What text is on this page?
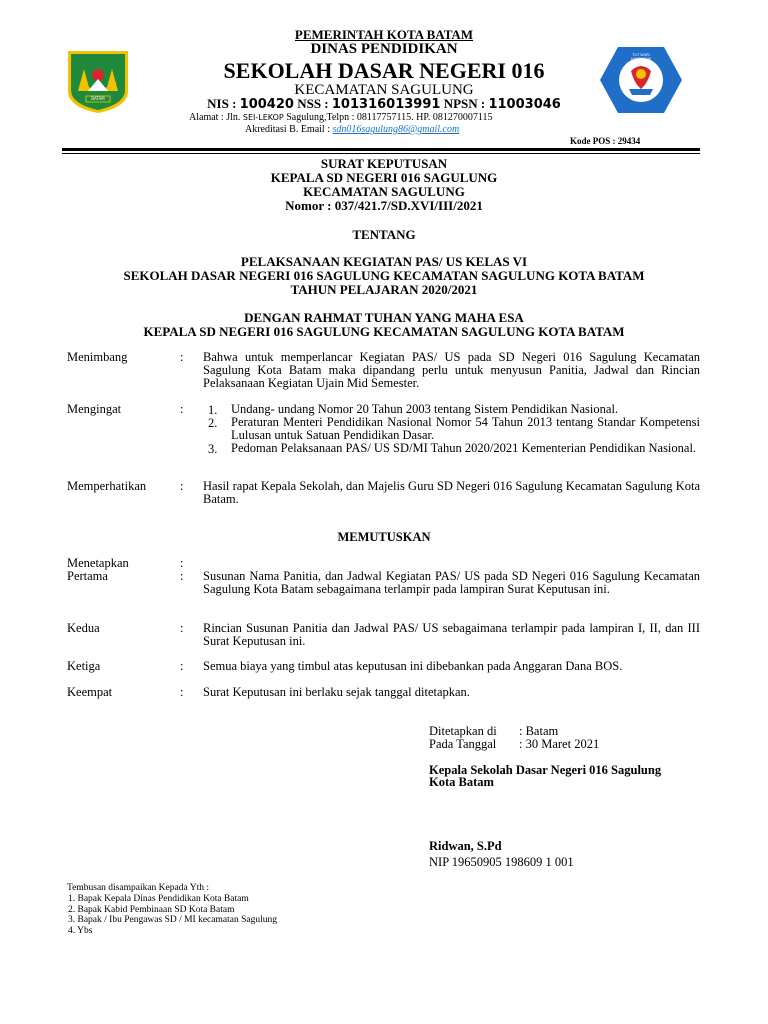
BATAM
TUT WURI HANDAYANI
PEMERINTAH KOTA BATAM
DINAS PENDIDIKAN
SEKOLAH DASAR NEGERI 016
KECAMATAN SAGULUNG
NIS : 100420 NSS : 101316013991 NPSN : 11003046
Alamat : Jln. SEI-LEKOP Sagulung,Telpn : 08117757115. HP. 081270007115
Akreditasi B. Email : sdn016sagulung86@gmail.com
Kode POS : 29434
SURAT KEPUTUSAN
KEPALA SD NEGERI 016 SAGULUNG
KECAMATAN SAGULUNG
Nomor : 037/421.7/SD.XVI/III/2021
TENTANG
PELAKSANAAN KEGIATAN PAS/ US KELAS VI
SEKOLAH DASAR NEGERI 016 SAGULUNG KECAMATAN SAGULUNG KOTA BATAM
TAHUN PELAJARAN 2020/2021
DENGAN RAHMAT TUHAN YANG MAHA ESA
KEPALA SD NEGERI 016 SAGULUNG KECAMATAN SAGULUNG KOTA BATAM
Menimbang	: Bahwa untuk memperlancar Kegiatan PAS/ US pada SD Negeri 016 Sagulung Kecamatan Sagulung Kota Batam maka dipandang perlu untuk menyusun Panitia, Jadwal dan Rincian Pelaksanaan Kegiatan Ujain Mid Semester.
Mengingat	: 1. Undang- undang Nomor 20 Tahun 2003 tentang Sistem Pendidikan Nasional.
2. Peraturan Menteri Pendidikan Nasional Nomor 54 Tahun 2013 tentang Standar Kompetensi Lulusan untuk Satuan Pendidikan Dasar.
3. Pedoman Pelaksanaan PAS/ US SD/MI Tahun 2020/2021 Kementerian Pendidikan Nasional.
Memperhatikan	: Hasil rapat Kepala Sekolah, dan Majelis Guru SD Negeri 016 Sagulung Kecamatan Sagulung Kota Batam.
MEMUTUSKAN
Menetapkan	:
Pertama	: Susunan Nama Panitia, dan Jadwal Kegiatan PAS/ US pada SD Negeri 016 Sagulung Kecamatan Sagulung Kota Batam sebagaimana terlampir pada lampiran Surat Keputusan ini.
Kedua	: Rincian Susunan Panitia dan Jadwal PAS/ US sebagaimana terlampir pada lampiran I, II, dan III Surat Keputusan ini.
Ketiga	: Semua biaya yang timbul atas keputusan ini dibebankan pada Anggaran Dana BOS.
Keempat	: Surat Keputusan ini berlaku sejak tanggal ditetapkan.
Ditetapkan di : Batam
Pada Tanggal : 30 Maret 2021
Kepala Sekolah Dasar Negeri 016 Sagulung
Kota Batam
Ridwan, S.Pd
NIP 19650905 198609 1 001
Tembusan disampaikan Kepada Yth :
1. Bapak Kepala Dinas Pendidikan Kota Batam
2. Bapak Kabid Pembinaan SD Kota Batam
3. Bapak / Ibu Pengawas SD / MI kecamatan Sagulung
4. Ybs
